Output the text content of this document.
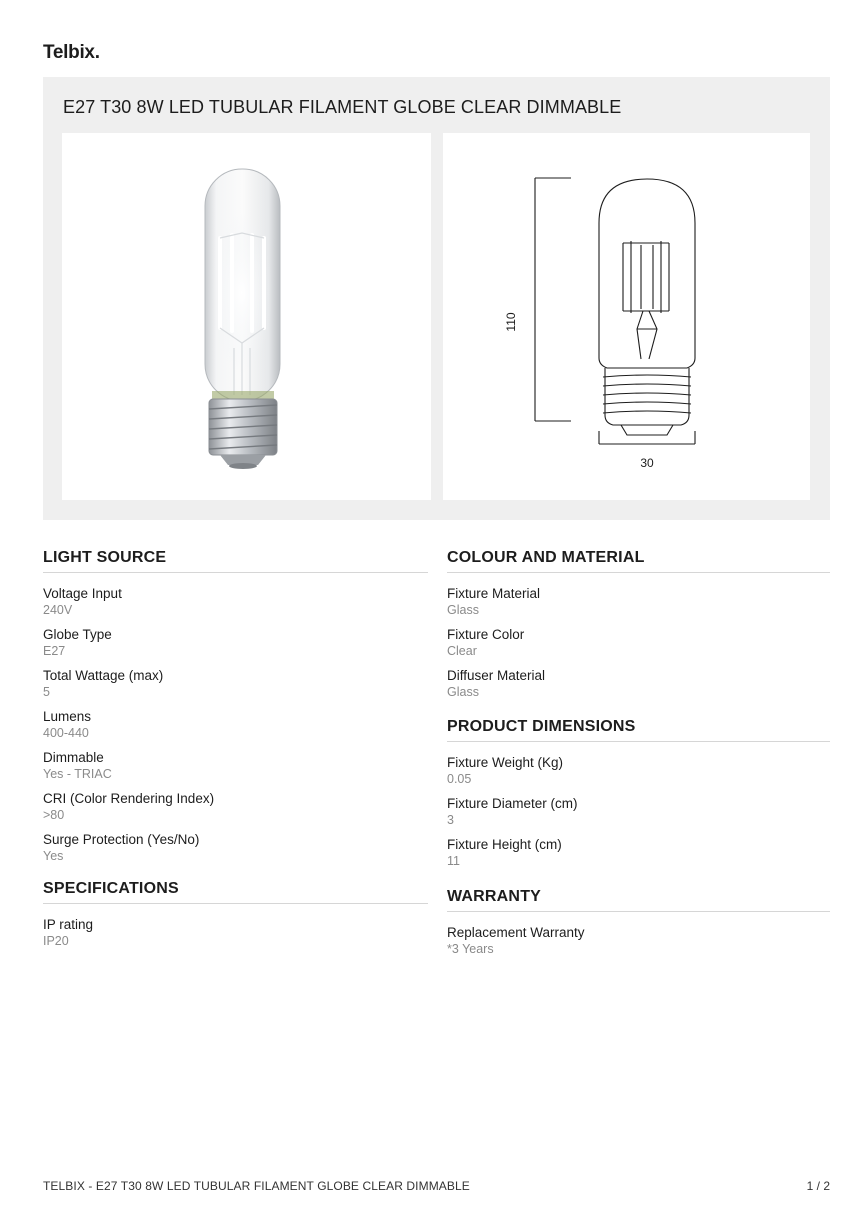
Telbix.
E27 T30 8W LED TUBULAR FILAMENT GLOBE CLEAR DIMMABLE
110
30
LIGHT SOURCE
Voltage Input
240V
Globe Type
E27
Total Wattage (max)
5
Lumens
400-440
Dimmable
Yes - TRIAC
CRI (Color Rendering Index)
>80
Surge Protection (Yes/No)
Yes
SPECIFICATIONS
IP rating
IP20
COLOUR AND MATERIAL
Fixture Material
Glass
Fixture Color
Clear
Diffuser Material
Glass
PRODUCT DIMENSIONS
Fixture Weight (Kg)
0.05
Fixture Diameter (cm)
3
Fixture Height (cm)
11
WARRANTY
Replacement Warranty
*3 Years
TELBIX - E27 T30 8W LED TUBULAR FILAMENT GLOBE CLEAR DIMMABLE	1 / 2
